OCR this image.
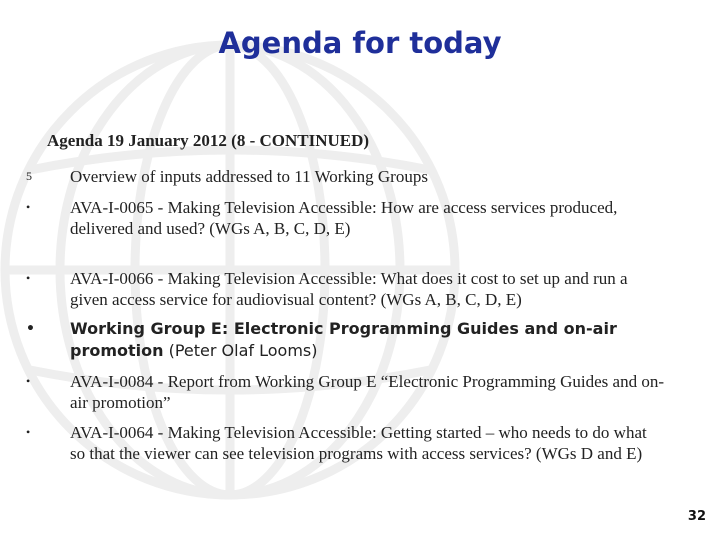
Agenda for today

Agenda 19 January 2012 (8 - CONTINUED)

5	Overview of inputs addressed to 11 Working Groups
•	AVA-I-0065 - Making Television Accessible: How are access services produced, delivered and used? (WGs A, B, C, D, E)
•	AVA-I-0066 - Making Television Accessible: What does it cost to set up and run a given access service for audiovisual content? (WGs A, B, C, D, E)
•	Working Group E: Electronic Programming Guides and on-air promotion (Peter Olaf Looms)
•	AVA-I-0084 - Report from Working Group E “Electronic Programming Guides and on-air promotion”
•	AVA-I-0064 - Making Television Accessible: Getting started – who needs to do what so that the viewer can see television programs with access services? (WGs D and E)
32
